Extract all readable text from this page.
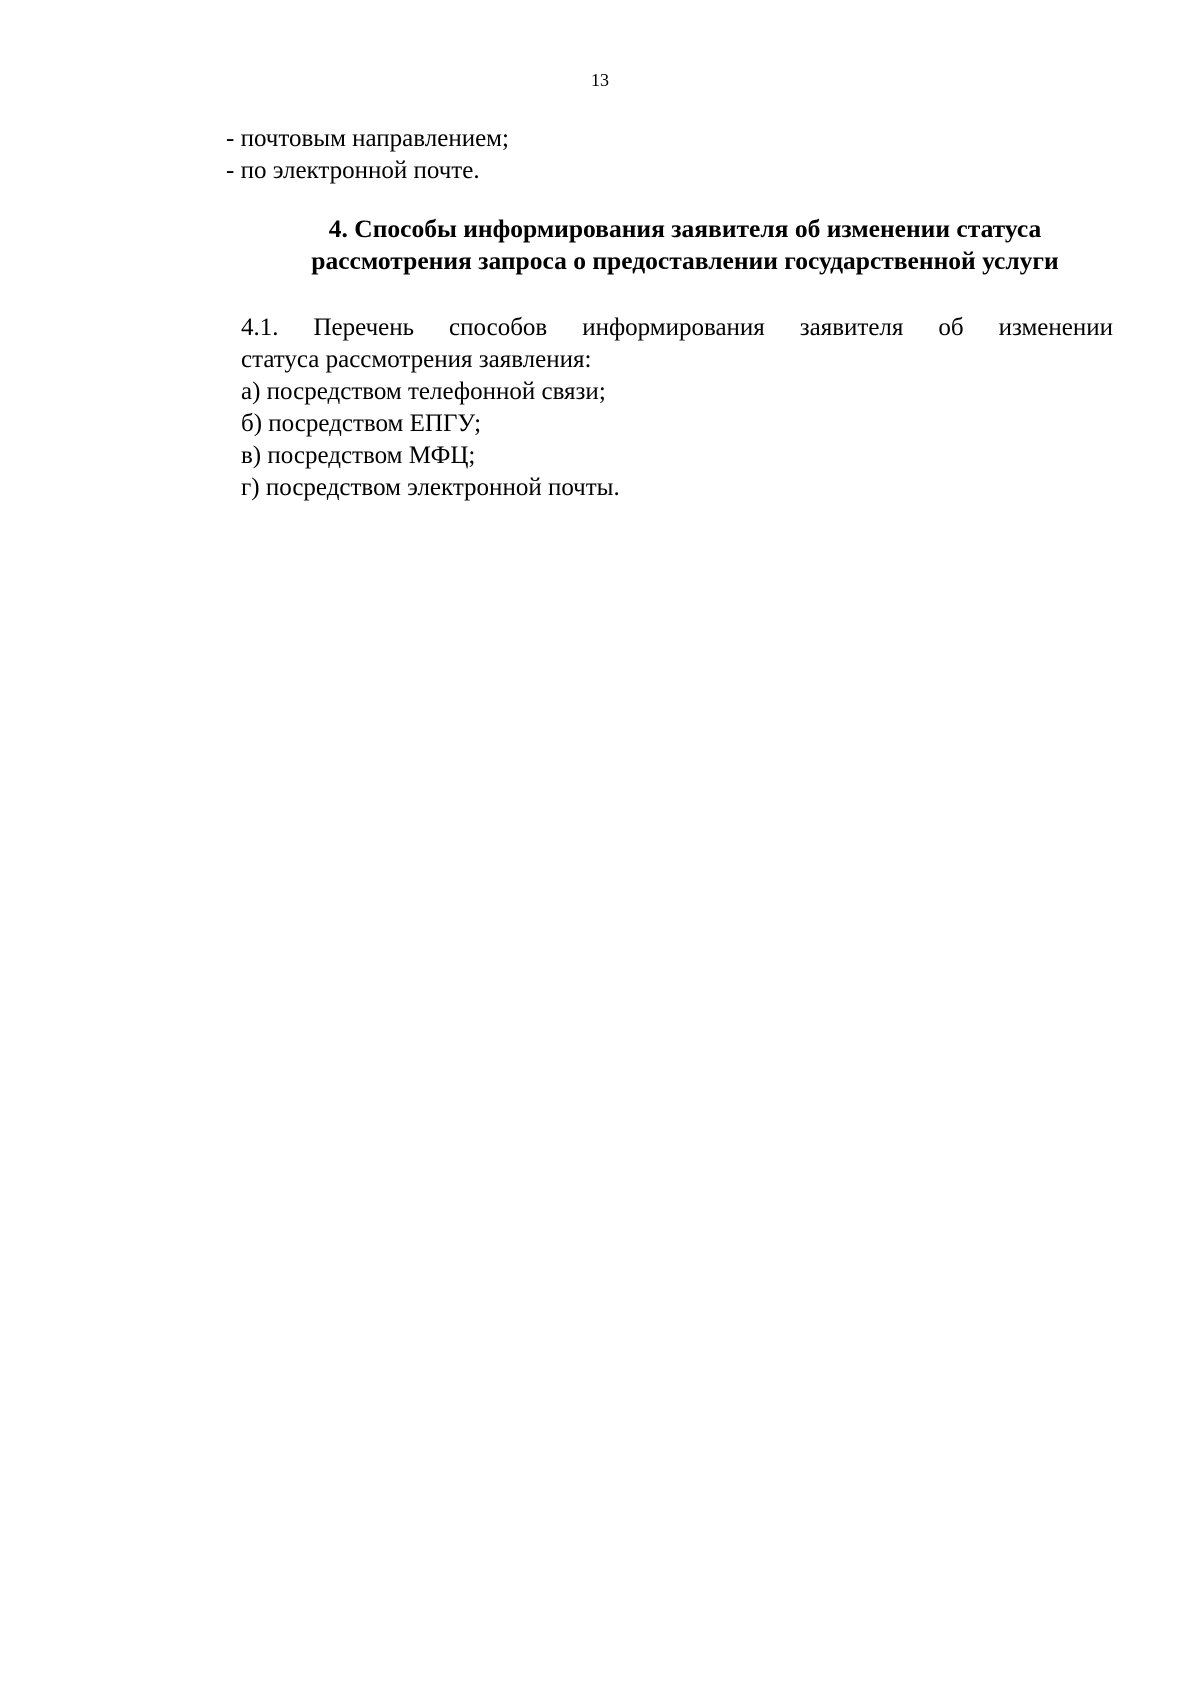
13
- почтовым направлением;
- по электронной почте.
4. Способы информирования заявителя об изменении статуса
рассмотрения запроса о предоставлении государственной услуги
4.1. Перечень способов информирования заявителя об изменении
статуса рассмотрения заявления:
а) посредством телефонной связи;
б) посредством ЕПГУ;
в) посредством МФЦ;
г) посредством электронной почты.
